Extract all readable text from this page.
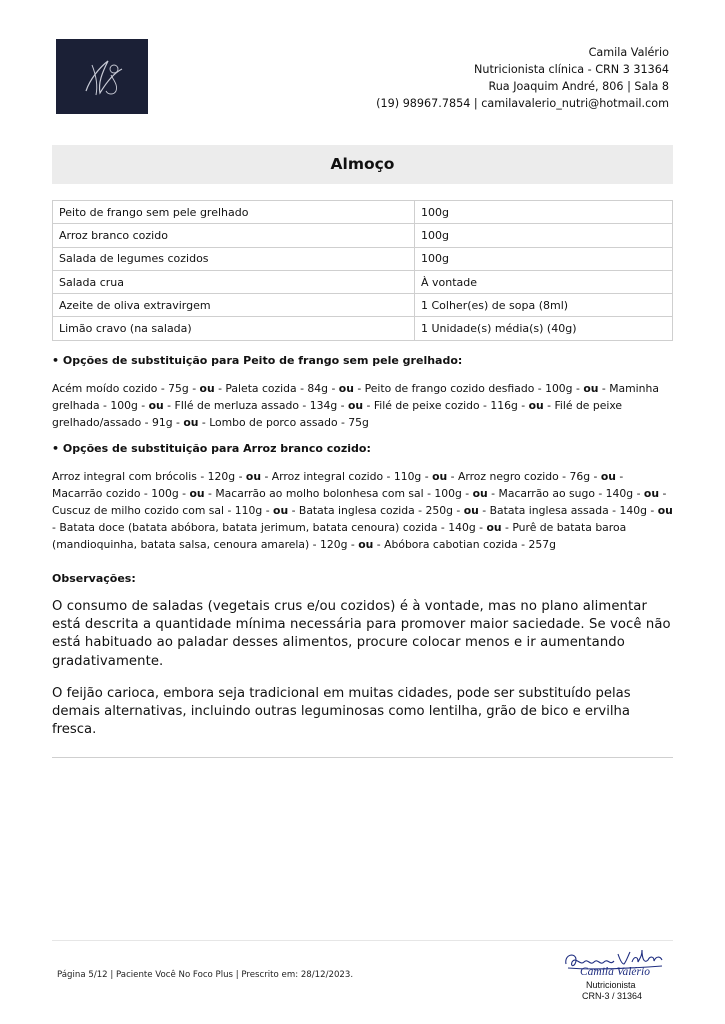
Camila Valério
Nutricionista clínica - CRN 3 31364
Rua Joaquim André, 806 | Sala 8
(19) 98967.7854 | camilavalerio_nutri@hotmail.com
Almoço
Peito de frango sem pele grelhado	100g
Arroz branco cozido	100g
Salada de legumes cozidos	100g
Salada crua	À vontade
Azeite de oliva extravirgem	1 Colher(es) de sopa (8ml)
Limão cravo (na salada)	1 Unidade(s) média(s) (40g)
• Opções de substituição para Peito de frango sem pele grelhado:
Acém moído cozido - 75g - ou - Paleta cozida - 84g - ou - Peito de frango cozido desfiado - 100g - ou - Maminha grelhada - 100g - ou - FIlé de merluza assado - 134g - ou - Filé de peixe cozido - 116g - ou - Filé de peixe grelhado/assado - 91g - ou - Lombo de porco assado - 75g
• Opções de substituição para Arroz branco cozido:
Arroz integral com brócolis - 120g - ou - Arroz integral cozido - 110g - ou - Arroz negro cozido - 76g - ou - Macarrão cozido - 100g - ou - Macarrão ao molho bolonhesa com sal - 100g - ou - Macarrão ao sugo - 140g - ou - Cuscuz de milho cozido com sal - 110g - ou - Batata inglesa cozida - 250g - ou - Batata inglesa assada - 140g - ou - Batata doce (batata abóbora, batata jerimum, batata cenoura) cozida - 140g - ou - Purê de batata baroa (mandioquinha, batata salsa, cenoura amarela) - 120g - ou - Abóbora cabotian cozida - 257g
Observações:
O consumo de saladas (vegetais crus e/ou cozidos) é à vontade, mas no plano alimentar está descrita a quantidade mínima necessária para promover maior saciedade. Se você não está habituado ao paladar desses alimentos, procure colocar menos e ir aumentando gradativamente.
O feijão carioca, embora seja tradicional em muitas cidades, pode ser substituído pelas demais alternativas, incluindo outras leguminosas como lentilha, grão de bico e ervilha fresca.
Página 5/12 | Paciente Você No Foco Plus | Prescrito em: 28/12/2023.	Camila Valério
Nutricionista
CRN-3 / 31364
